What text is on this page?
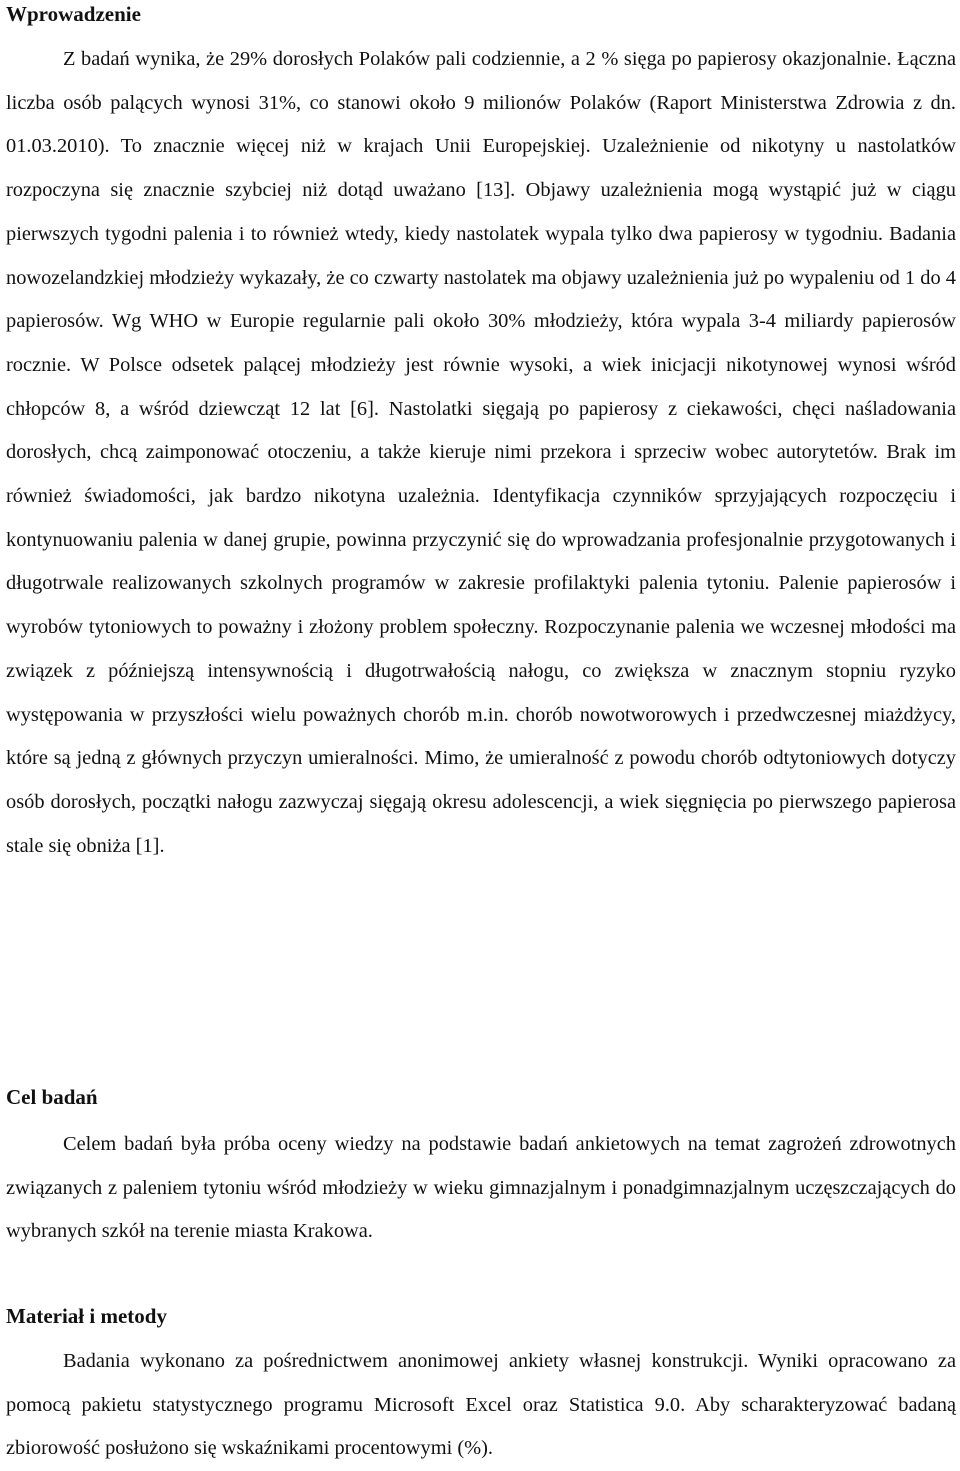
Wprowadzenie

Z badań wynika, że 29% dorosłych Polaków pali codziennie, a 2 % sięga po papierosy okazjonalnie. Łączna liczba osób palących wynosi 31%, co stanowi około 9 milionów Polaków (Raport Ministerstwa Zdrowia z dn. 01.03.2010). To znacznie więcej niż w krajach Unii Europejskiej. Uzależnienie od nikotyny u nastolatków rozpoczyna się znacznie szybciej niż dotąd uważano [13]. Objawy uzależnienia mogą wystąpić już w ciągu pierwszych tygodni palenia i to również wtedy, kiedy nastolatek wypala tylko dwa papierosy w tygodniu. Badania nowozelandzkiej młodzieży wykazały, że co czwarty nastolatek ma objawy uzależnienia już po wypaleniu od 1 do 4 papierosów. Wg WHO w Europie regularnie pali około 30% młodzieży, która wypala 3-4 miliardy papierosów rocznie. W Polsce odsetek palącej młodzieży jest równie wysoki, a wiek inicjacji nikotynowej wynosi wśród chłopców 8, a wśród dziewcząt 12 lat [6]. Nastolatki sięgają po papierosy z ciekawości, chęci naśladowania dorosłych, chcą zaimponować otoczeniu, a także kieruje nimi przekora i sprzeciw wobec autorytetów. Brak im również świadomości, jak bardzo nikotyna uzależnia. Identyfikacja czynników sprzyjających rozpoczęciu i kontynuowaniu palenia w danej grupie, powinna przyczynić się do wprowadzania profesjonalnie przygotowanych i długotrwale realizowanych szkolnych programów w zakresie profilaktyki palenia tytoniu. Palenie papierosów i wyrobów tytoniowych to poważny i złożony problem społeczny. Rozpoczynanie palenia we wczesnej młodości ma związek z późniejszą intensywnością i długotrwałością nałogu, co zwiększa w znacznym stopniu ryzyko występowania w przyszłości wielu poważnych chorób m.in. chorób nowotworowych i przedwczesnej miażdżycy, które są jedną z głównych przyczyn umieralności. Mimo, że umieralność z powodu chorób odtytoniowych dotyczy osób dorosłych, początki nałogu zazwyczaj sięgają okresu adolescencji, a wiek sięgnięcia po pierwszego papierosa stale się obniża [1].

Cel badań

Celem badań była próba oceny wiedzy na podstawie badań ankietowych na temat zagrożeń zdrowotnych związanych z paleniem tytoniu wśród młodzieży w wieku gimnazjalnym i ponadgimnazjalnym uczęszczających do wybranych szkół na terenie miasta Krakowa.

Materiał i metody

Badania wykonano za pośrednictwem anonimowej ankiety własnej konstrukcji. Wyniki opracowano za pomocą pakietu statystycznego programu Microsoft Excel oraz Statistica 9.0. Aby scharakteryzować badaną zbiorowość posłużono się wskaźnikami procentowymi (%).
